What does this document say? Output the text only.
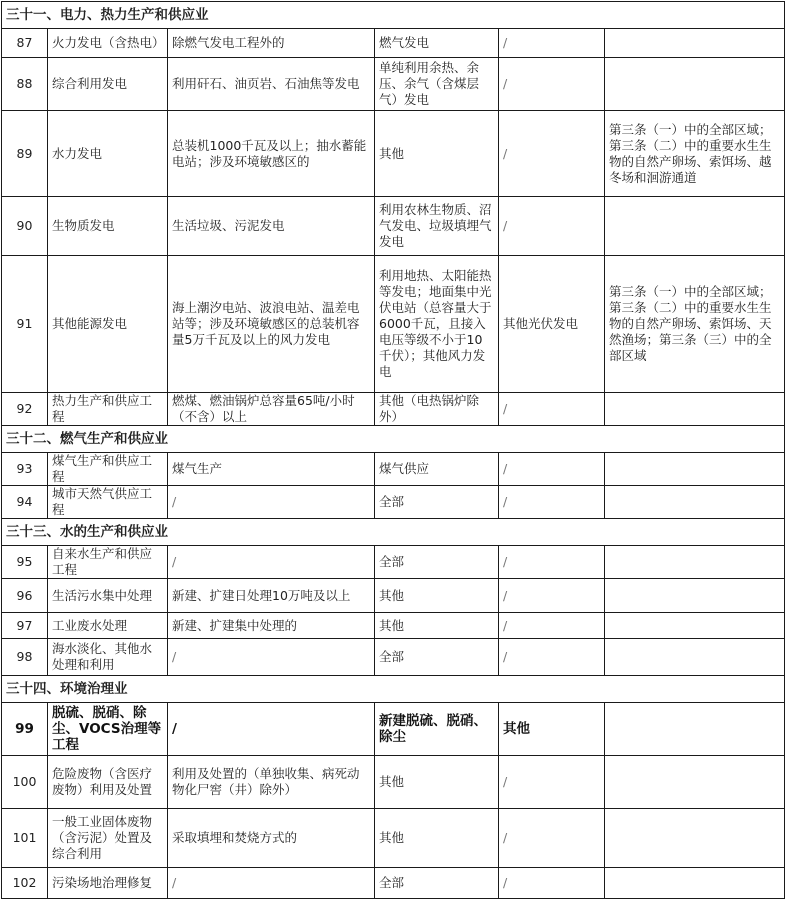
三十一、电力、热力生产和供应业					
87	火力发电（含热电）	除燃气发电工程外的	燃气发电	/	
88	综合利用发电	利用矸石、油页岩、石油焦等发电	单纯利用余热、余压、余气（含煤层气）发电	/	
89	水力发电	总装机1000千瓦及以上；抽水蓄能电站；涉及环境敏感区的	其他	/	第三条（一）中的全部区域；第三条（二）中的重要水生生物的自然产卵场、索饵场、越冬场和洄游通道
90	生物质发电	生活垃圾、污泥发电	利用农林生物质、沼气发电、垃圾填埋气发电	/	
91	其他能源发电	海上潮汐电站、波浪电站、温差电站等；涉及环境敏感区的总装机容量5万千瓦及以上的风力发电	利用地热、太阳能热等发电；地面集中光伏电站（总容量大于6000千瓦，且接入电压等级不小于10千伏）；其他风力发电	其他光伏发电	第三条（一）中的全部区域；第三条（二）中的重要水生生物的自然产卵场、索饵场、天然渔场；第三条（三）中的全部区域
92	热力生产和供应工程	燃煤、燃油锅炉总容量65吨/小时（不含）以上	其他（电热锅炉除外）	/	
三十二、燃气生产和供应业					
93	煤气生产和供应工程	煤气生产	煤气供应	/	
94	城市天然气供应工程	/	全部	/	
三十三、水的生产和供应业					
95	自来水生产和供应工程	/	全部	/	
96	生活污水集中处理	新建、扩建日处理10万吨及以上	其他	/	
97	工业废水处理	新建、扩建集中处理的	其他	/	
98	海水淡化、其他水处理和利用	/	全部	/	
三十四、环境治理业					
99	脱硫、脱硝、除尘、VOCS治理等工程	/	新建脱硫、脱硝、除尘	其他	
100	危险废物（含医疗废物）利用及处置	利用及处置的（单独收集、病死动物化尸窖（井）除外）	其他	/	
101	一般工业固体废物（含污泥）处置及综合利用	采取填埋和焚烧方式的	其他	/	
102	污染场地治理修复	/	全部	/	
